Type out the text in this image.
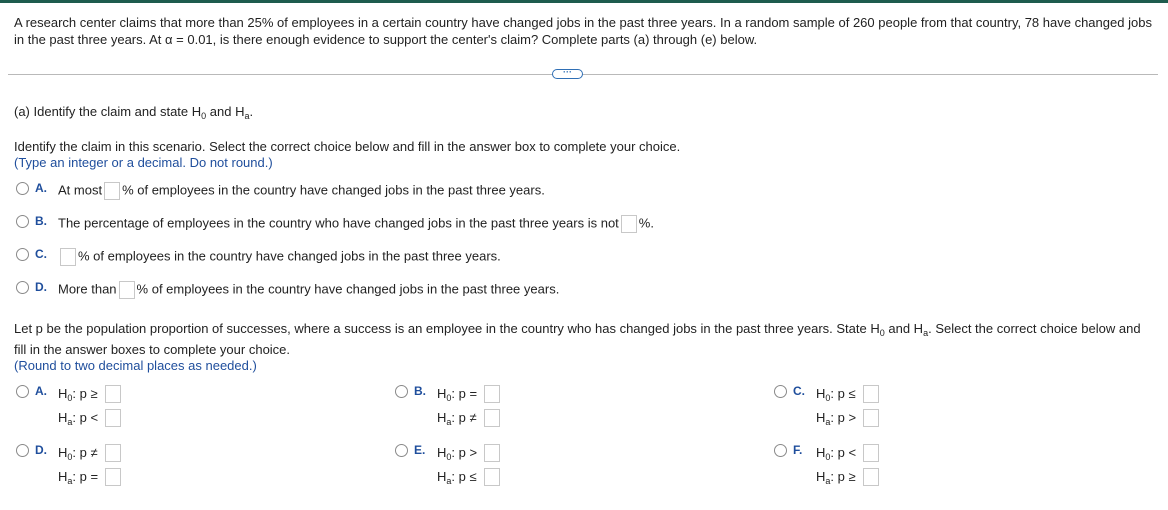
A research center claims that more than 25% of employees in a certain country have changed jobs in the past three years. In a random sample of 260 people from that country, 78 have changed jobs in the past three years. At α = 0.01, is there enough evidence to support the center's claim? Complete parts (a) through (e) below.
···
(a) Identify the claim and state $H_0$ and $H_a$.
Identify the claim in this scenario. Select the correct choice below and fill in the answer box to complete your choice.
(Type an integer or a decimal. Do not round.)
A. At most % of employees in the country have changed jobs in the past three years.
B. The percentage of employees in the country who have changed jobs in the past three years is not %.
C.	% of employees in the country have changed jobs in the past three years.
D. More than % of employees in the country have changed jobs in the past three years.
Let p be the population proportion of successes, where a success is an employee in the country who has changed jobs in the past three years. State $H_0$ and $H_a$. Select the correct choice below and
fill in the answer boxes to complete your choice.
(Round to two decimal places as needed.)
A. $H_0$: p ≥
$H_a$: p <
B. $H_0$: p =
$H_a$: p ≠
C. $H_0$: p ≤
$H_a$: p >
D. $H_0$: p ≠
$H_a$: p =
E. $H_0$: p >
$H_a$: p ≤
F. $H_0$: p <
$H_a$: p ≥
